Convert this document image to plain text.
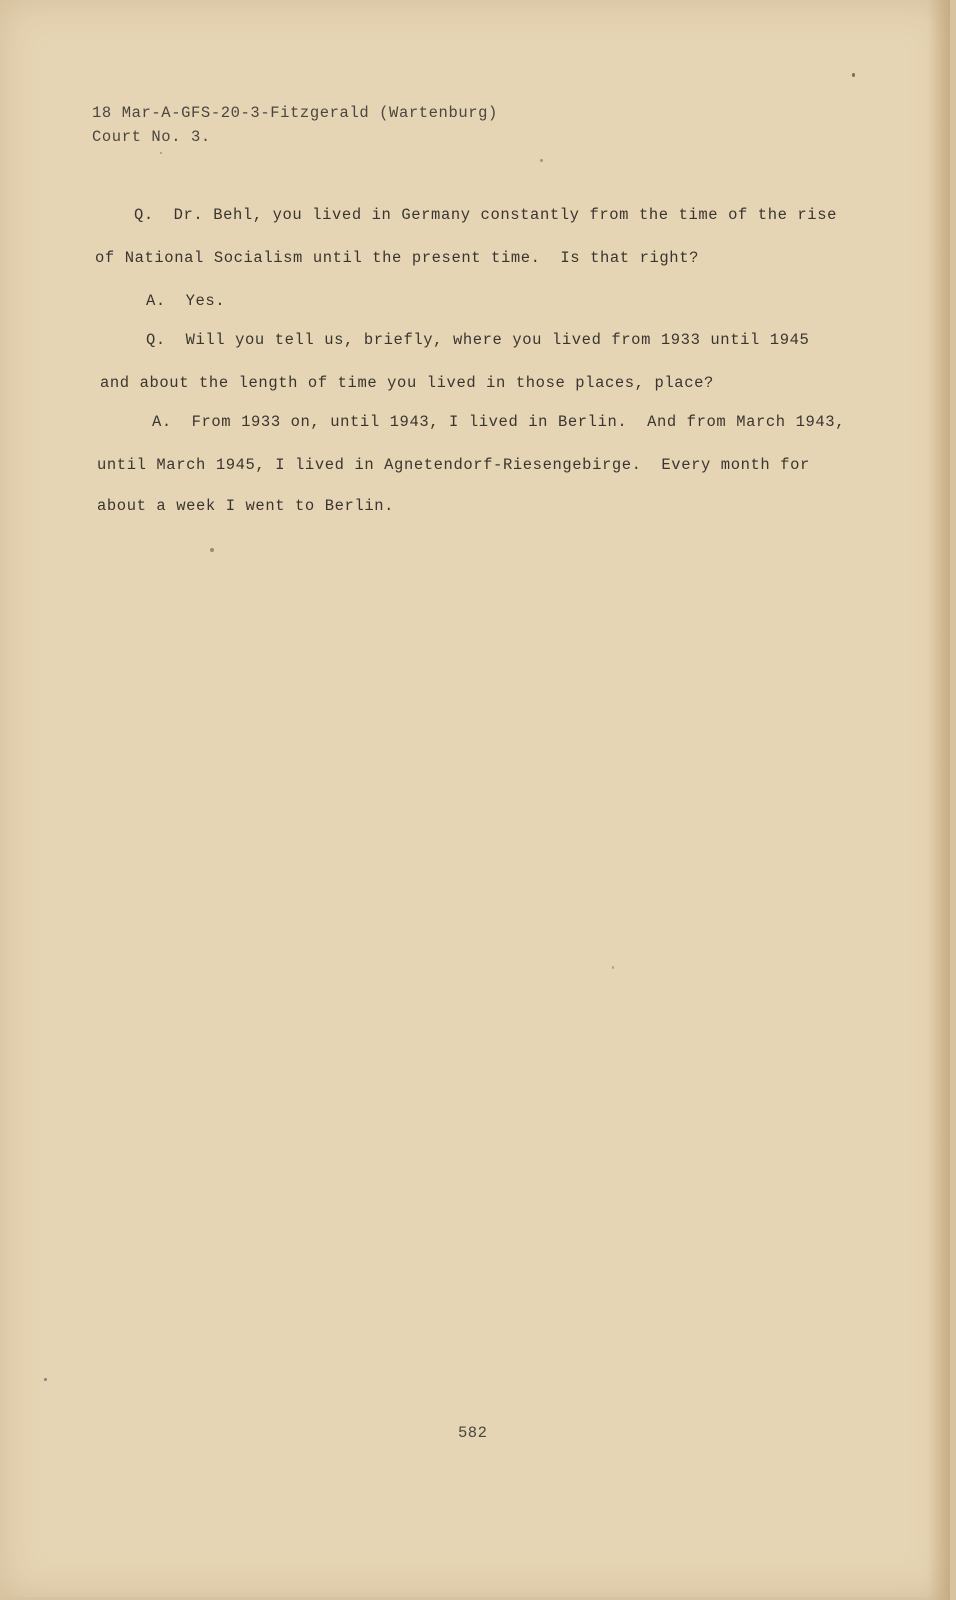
18 Mar-A-GFS-20-3-Fitzgerald (Wartenburg)
Court No. 3.
Q.  Dr. Behl, you lived in Germany constantly from the time of the rise
of National Socialism until the present time.  Is that right?
A.  Yes.
Q.  Will you tell us, briefly, where you lived from 1933 until 1945
and about the length of time you lived in those places, place?
A.  From 1933 on, until 1943, I lived in Berlin.  And from March 1943,
until March 1945, I lived in Agnetendorf-Riesengebirge.  Every month for
about a week I went to Berlin.
582
